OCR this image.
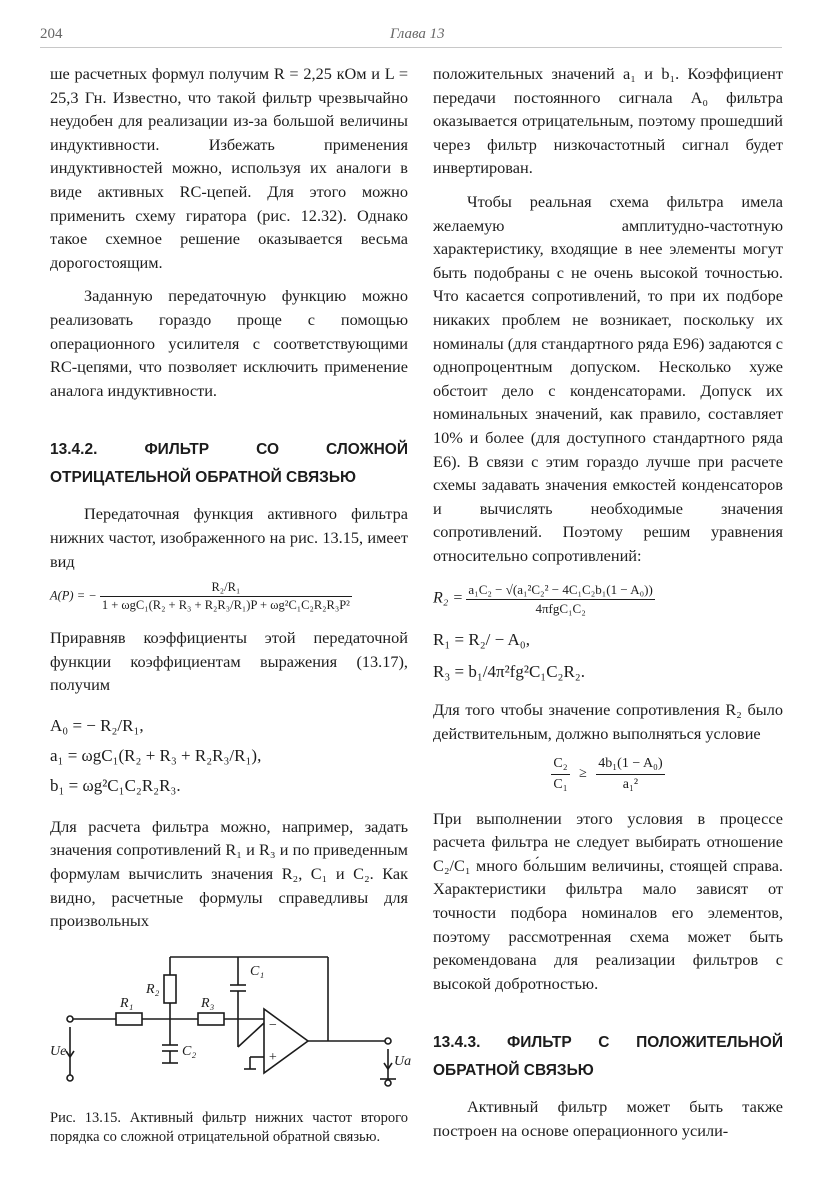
204	Глава 13

ше расчетных формул получим R = 2,25 кОм и L = 25,3 Гн. Известно, что такой фильтр чрезвычайно неудобен для реализации из-за большой величины индуктивности. Избежать применения индуктивностей можно, используя их аналоги в виде активных RC-цепей. Для этого можно применить схему гиратора (рис. 12.32). Однако такое схемное решение оказывается весьма дорогостоящим.

Заданную передаточную функцию можно реализовать гораздо проще с помощью операционного усилителя с соответствующими RC-цепями, что позволяет исключить применение аналога индуктивности.

13.4.2. ФИЛЬТР СО СЛОЖНОЙ ОТРИЦАТЕЛЬНОЙ ОБРАТНОЙ СВЯЗЬЮ

Передаточная функция активного фильтра нижних частот, изображенного на рис. 13.15, имеет вид

A(P) = − $\frac{\text{R₂/R₁}}{\text{1 + ωgC₁(R₂ + R₃ + R₂R₃/R₁)P + ωg²C₁C₂R₂R₃P²}}$

Приравняв коэффициенты этой передаточной функции коэффициентам выражения (13.17), получим

A₀ = − R₂/R₁,

a₁ = ωgC₁(R₂ + R₃ + R₂R₃/R₁),

b₁ = ωg²C₁C₂R₂R₃.

Для расчета фильтра можно, например, задать значения сопротивлений R₁ и R₃ и по приведенным формулам вычислить значения R₂, C₁ и C₂. Как видно, расчетные формулы справедливы для произвольных

R₁
R₂
R₃
C₁
C₂
Ue
Ua
−
+

Рис. 13.15. Активный фильтр нижних частот второго порядка со сложной отрицательной обратной связью.

положительных значений a₁ и b₁. Коэффициент передачи постоянного сигнала A₀ фильтра оказывается отрицательным, поэтому прошедший через фильтр низкочастотный сигнал будет инвертирован.

Чтобы реальная схема фильтра имела желаемую амплитудно-частотную характеристику, входящие в нее элементы могут быть подобраны с не очень высокой точностью. Что касается сопротивлений, то при их подборе никаких проблем не возникает, поскольку их номиналы (для стандартного ряда E96) задаются с однопроцентным допуском. Несколько хуже обстоит дело с конденсаторами. Допуск их номинальных значений, как правило, составляет 10% и более (для доступного стандартного ряда E6). В связи с этим гораздо лучше при расчете схемы задавать значения емкостей конденсаторов и вычислять необходимые значения сопротивлений. Поэтому решим уравнения относительно сопротивлений:

$R_2 = \frac{\text{a₁C₂ − √(a₁²C₂² − 4C₁C₂b₁(1 − A₀))}}{\text{4πfgC₁C₂}}$

R₁ = R₂/ − A₀,

R₃ = b₁/4π²fg²C₁C₂R₂.

Для того чтобы значение сопротивления R₂ было действительным, должно выполняться условие

$\frac{\text{C₂}}{\text{C₁}} \ge \frac{\text{4b₁(1 − A₀)}}{\text{a₁²}}$

При выполнении этого условия в процессе расчета фильтра не следует выбирать отношение C₂/C₁ много бо́льшим величины, стоящей справа. Характеристики фильтра мало зависят от точности подбора номиналов его элементов, поэтому рассмотренная схема может быть рекомендована для реализации фильтров с высокой добротностью.

13.4.3. ФИЛЬТР С ПОЛОЖИТЕЛЬНОЙ ОБРАТНОЙ СВЯЗЬЮ

Активный фильтр может быть также построен на основе операционного усили-
